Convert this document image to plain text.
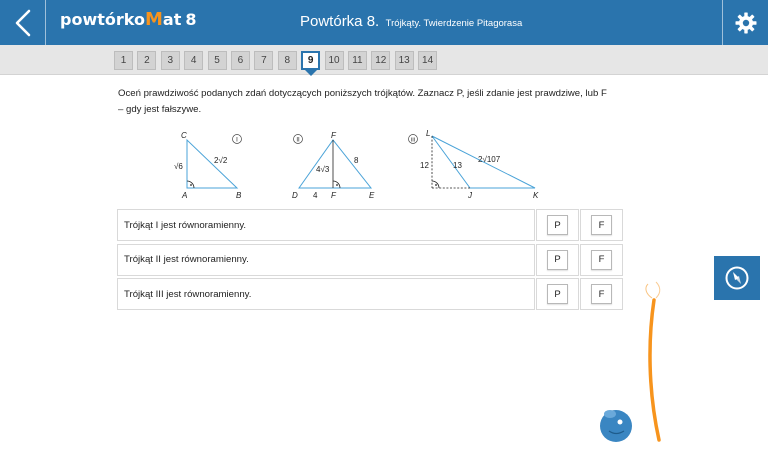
powtórkoMat 8	Powtórka 8. Trójkąty. Twierdzenie Pitagorasa
1	2	3	4	5	6	7	8	9	10	11	12	13	14
Oceń prawdziwość podanych zdań dotyczących poniższych trójkątów. Zaznacz P, jeśli zdanie jest prawdziwe, lub F – gdy jest fałszywe.
C
A	B
√6
2√2
I
F
D	F	E
4
4√3
8
II
L
J	K
12	13
2√107
III
Trójkąt I jest równoramienny.	P	F
Trójkąt II jest równoramienny.	P	F
Trójkąt III jest równoramienny.	P	F
